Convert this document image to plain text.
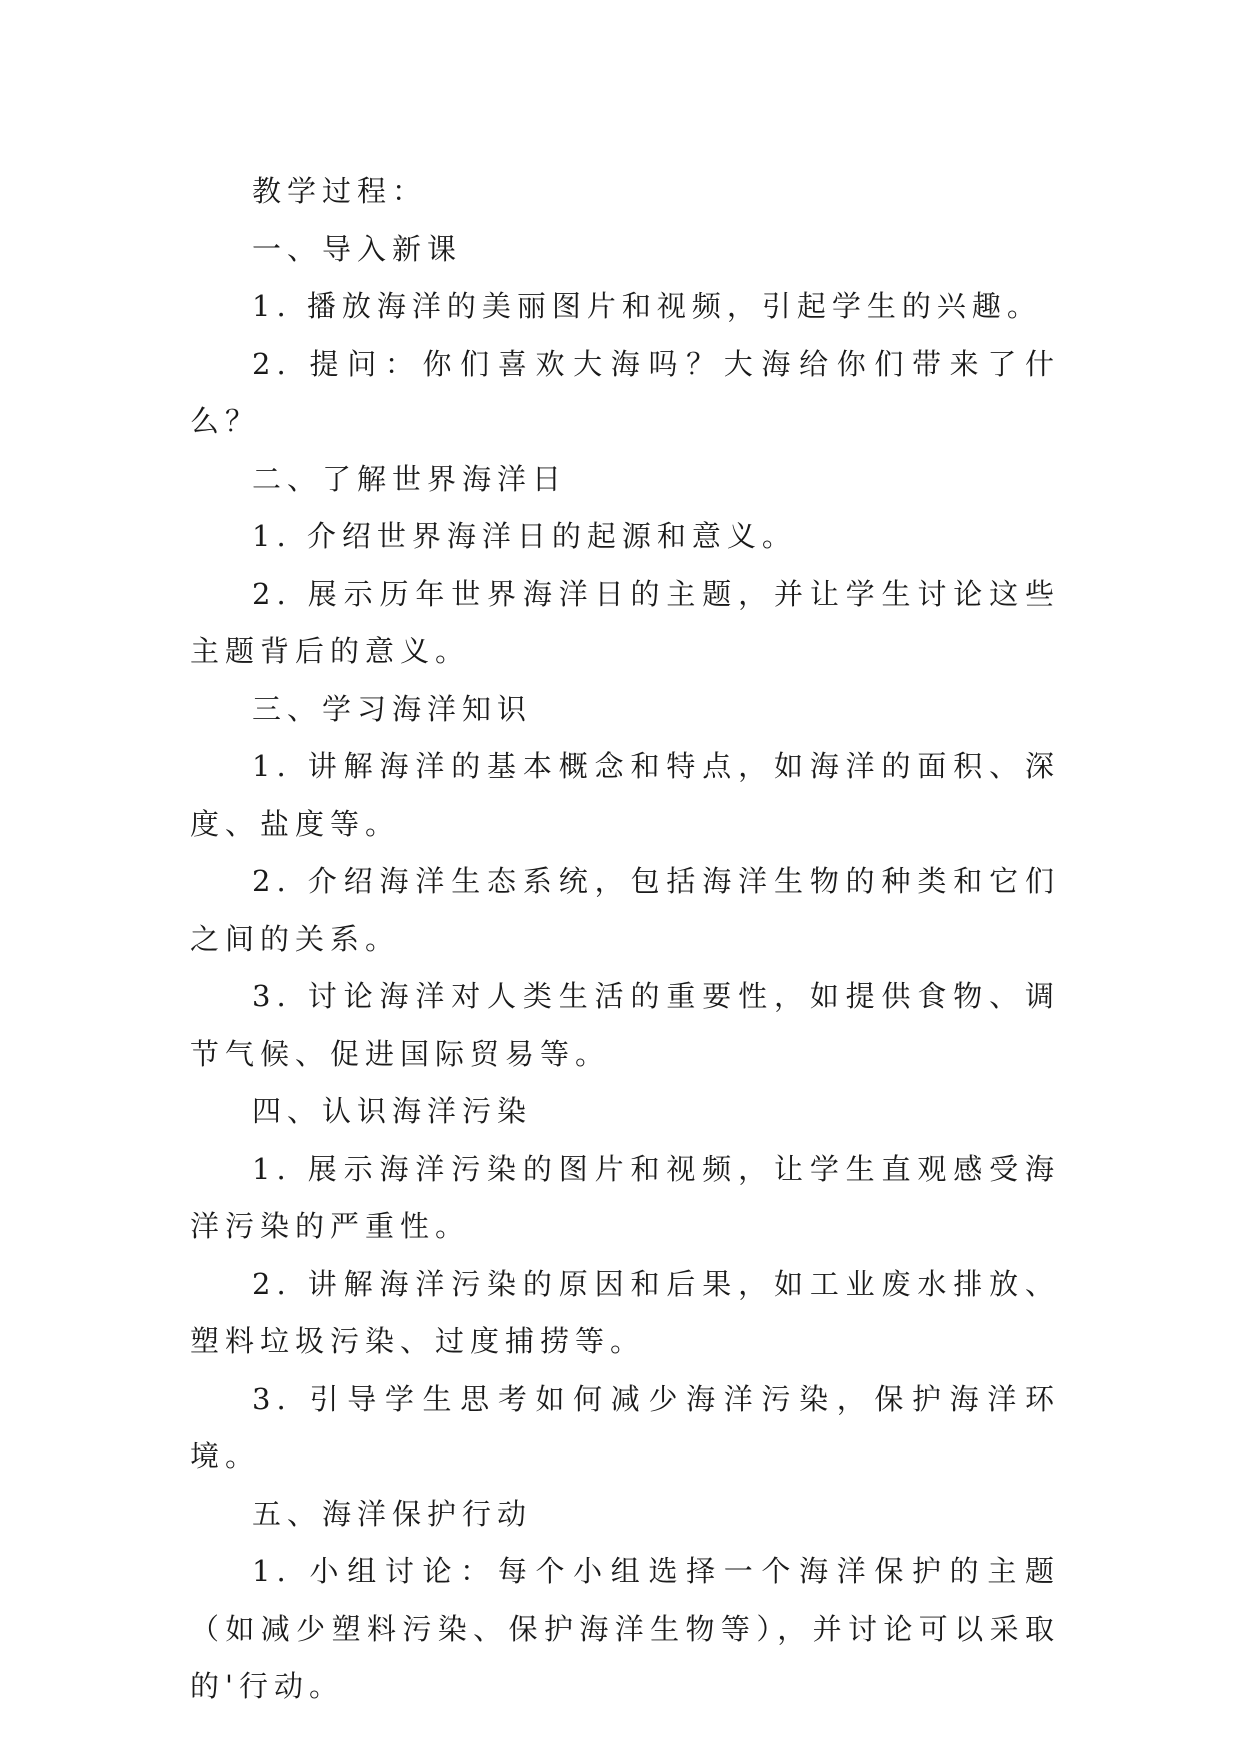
教学过程：

一、导入新课

1. 播放海洋的美丽图片和视频，引起学生的兴趣。

2. 提问：你们喜欢大海吗？大海给你们带来了什么？

二、了解世界海洋日

1. 介绍世界海洋日的起源和意义。

2. 展示历年世界海洋日的主题，并让学生讨论这些主题背后的意义。

三、学习海洋知识

1. 讲解海洋的基本概念和特点，如海洋的面积、深度、盐度等。

2. 介绍海洋生态系统，包括海洋生物的种类和它们之间的关系。

3. 讨论海洋对人类生活的重要性，如提供食物、调节气候、促进国际贸易等。

四、认识海洋污染

1. 展示海洋污染的图片和视频，让学生直观感受海洋污染的严重性。

2. 讲解海洋污染的原因和后果，如工业废水排放、塑料垃圾污染、过度捕捞等。

3. 引导学生思考如何减少海洋污染，保护海洋环境。

五、海洋保护行动

1. 小组讨论：每个小组选择一个海洋保护的主题（如减少塑料污染、保护海洋生物等），并讨论可以采取的'行动。
